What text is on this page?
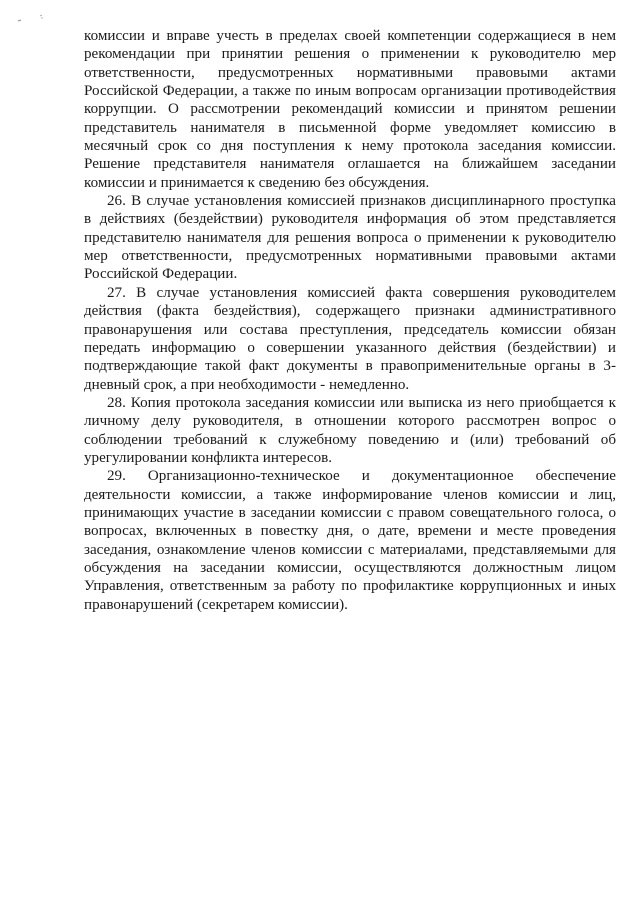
комиссии и вправе учесть в пределах своей компетенции содержащиеся в нем рекомендации при принятии решения о применении к руководителю мер ответственности, предусмотренных нормативными правовыми актами Российской Федерации, а также по иным вопросам организации противодействия коррупции. О рассмотрении рекомендаций комиссии и принятом решении представитель нанимателя в письменной форме уведомляет комиссию в месячный срок со дня поступления к нему протокола заседания комиссии. Решение представителя нанимателя оглашается на ближайшем заседании комиссии и принимается к сведению без обсуждения.

26. В случае установления комиссией признаков дисциплинарного проступка в действиях (бездействии) руководителя информация об этом представляется представителю нанимателя для решения вопроса о применении к руководителю мер ответственности, предусмотренных нормативными правовыми актами Российской Федерации.

27. В случае установления комиссией факта совершения руководителем действия (факта бездействия), содержащего признаки административного правонарушения или состава преступления, председатель комиссии обязан передать информацию о совершении указанного действия (бездействии) и подтверждающие такой факт документы в правоприменительные органы в 3-дневный срок, а при необходимости - немедленно.

28. Копия протокола заседания комиссии или выписка из него приобщается к личному делу руководителя, в отношении которого рассмотрен вопрос о соблюдении требований к служебному поведению и (или) требований об урегулировании конфликта интересов.

29. Организационно-техническое и документационное обеспечение деятельности комиссии, а также информирование членов комиссии и лиц, принимающих участие в заседании комиссии с правом совещательного голоса, о вопросах, включенных в повестку дня, о дате, времени и месте проведения заседания, ознакомление членов комиссии с материалами, представляемыми для обсуждения на заседании комиссии, осуществляются должностным лицом Управления, ответственным за работу по профилактике коррупционных и иных правонарушений (секретарем комиссии).
